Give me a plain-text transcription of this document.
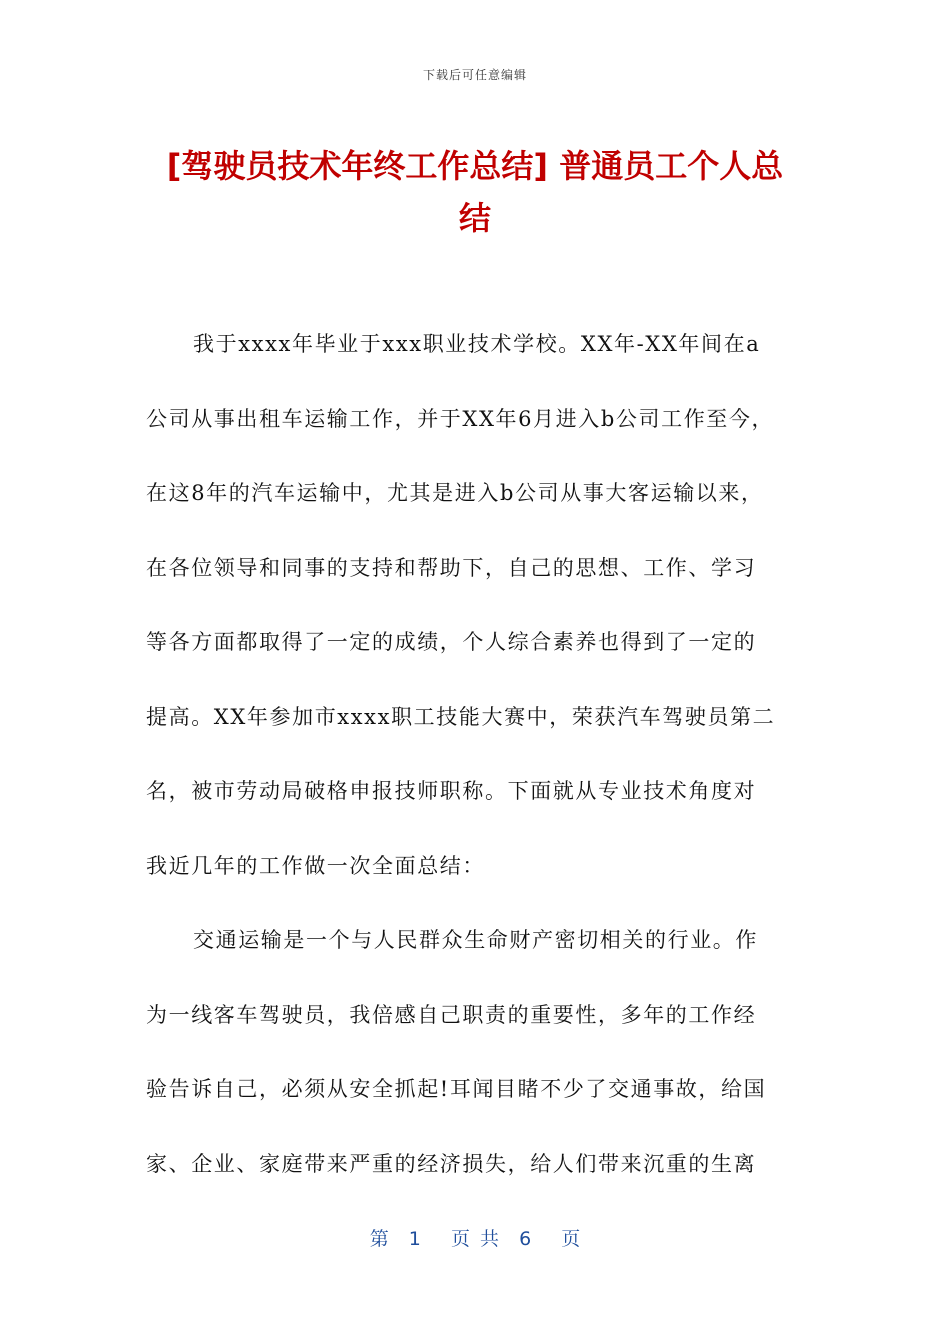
下载后可任意编辑
[驾驶员技术年终工作总结] 普通员工个人总
结
我于xxxx年毕业于xxx职业技术学校。XX年-XX年间在a
公司从事出租车运输工作，并于XX年6月进入b公司工作至今，
在这8年的汽车运输中，尤其是进入b公司从事大客运输以来，
在各位领导和同事的支持和帮助下，自己的思想、工作、学习
等各方面都取得了一定的成绩，个人综合素养也得到了一定的
提高。XX年参加市xxxx职工技能大赛中，荣获汽车驾驶员第二
名，被市劳动局破格申报技师职称。下面就从专业技术角度对
我近几年的工作做一次全面总结：
交通运输是一个与人民群众生命财产密切相关的行业。作
为一线客车驾驶员，我倍感自己职责的重要性，多年的工作经
验告诉自己，必须从安全抓起!耳闻目睹不少了交通事故，给国
家、企业、家庭带来严重的经济损失，给人们带来沉重的生离
第  1   页 共  6   页
